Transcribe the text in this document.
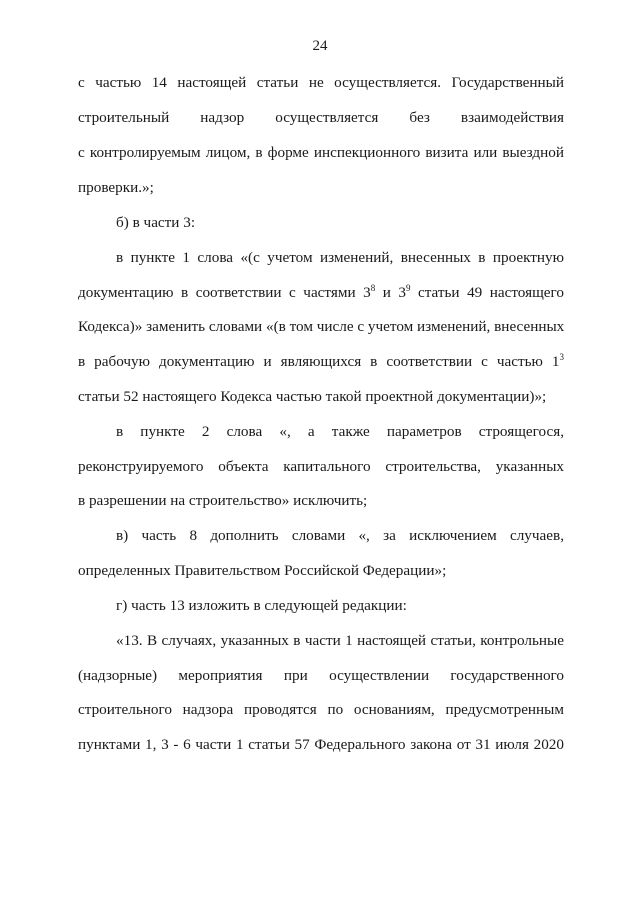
24
с частью 14 настоящей статьи не осуществляется. Государственный
строительный надзор осуществляется без взаимодействия
с контролируемым лицом, в форме инспекционного визита или выездной
проверки.»;
б) в части 3:
в пункте 1 слова «(с учетом изменений, внесенных в проектную
документацию в соответствии с частями $3^8$ и $3^9$ статьи 49 настоящего
Кодекса)» заменить словами «(в том числе с учетом изменений, внесенных
в рабочую документацию и являющихся в соответствии с частью $1^3$
статьи 52 настоящего Кодекса частью такой проектной документации)»;
в пункте 2 слова «, а также параметров строящегося,
реконструируемого объекта капитального строительства, указанных
в разрешении на строительство» исключить;
в) часть 8 дополнить словами «, за исключением случаев,
определенных Правительством Российской Федерации»;
г) часть 13 изложить в следующей редакции:
«13. В случаях, указанных в части 1 настоящей статьи, контрольные
(надзорные) мероприятия при осуществлении государственного
строительного надзора проводятся по основаниям, предусмотренным
пунктами 1, 3 - 6 части 1 статьи 57 Федерального закона от 31 июля 2020
